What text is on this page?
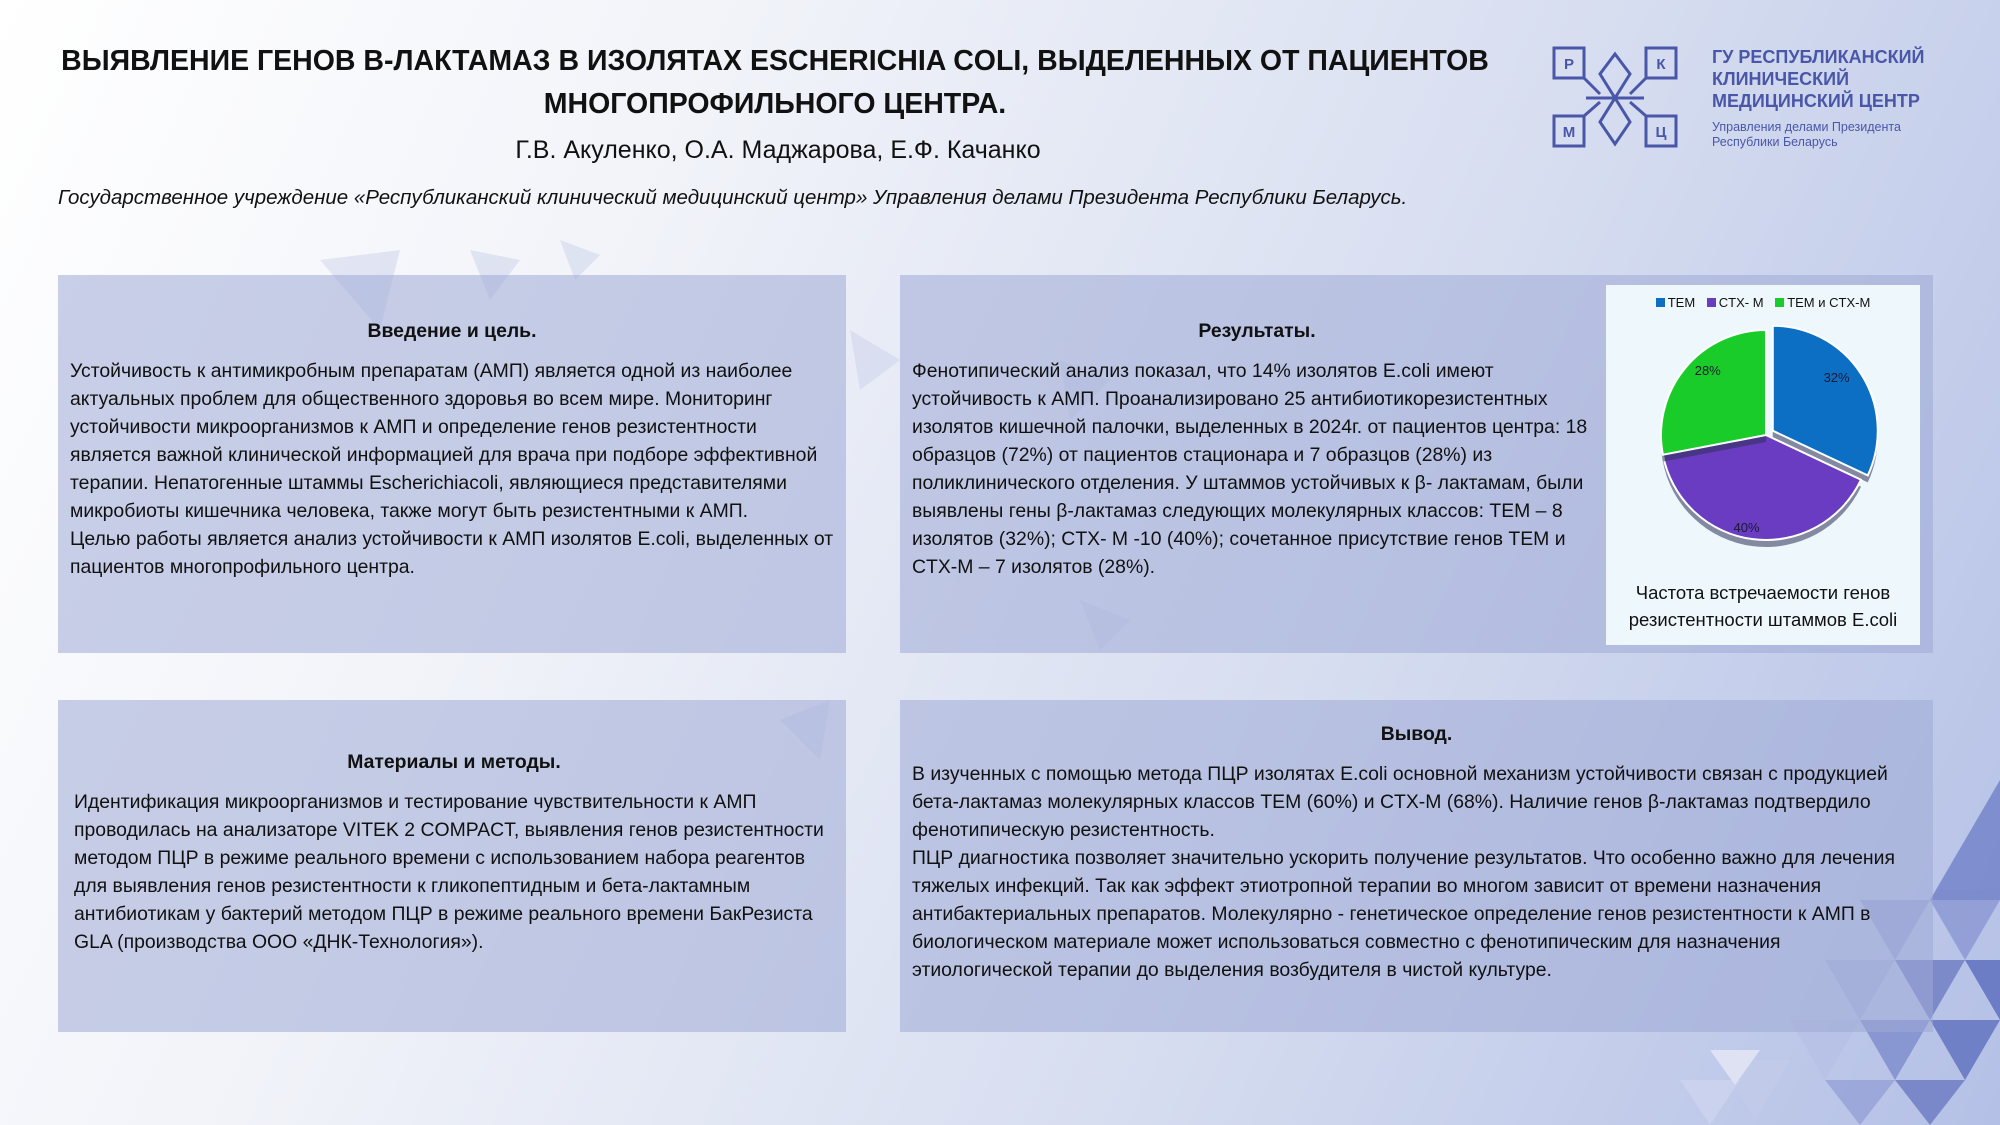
ВЫЯВЛЕНИЕ ГЕНОВ Β-ЛАКТАМАЗ В ИЗОЛЯТАХ ESCHERICHIA COLI, ВЫДЕЛЕННЫХ ОТ ПАЦИЕНТОВ МНОГОПРОФИЛЬНОГО ЦЕНТРА.
Г.В. Акуленко, О.А. Маджарова, Е.Ф. Качанко
Государственное учреждение «Республиканский клинический медицинский центр» Управления делами Президента Республики Беларусь.
Р	К
М	Ц
ГУ РЕСПУБЛИКАНСКИЙ КЛИНИЧЕСКИЙ МЕДИЦИНСКИЙ ЦЕНТР
Управления делами Президента Республики Беларусь
Введение и цель.

Устойчивость к антимикробным препаратам (АМП) является одной из наиболее актуальных проблем для общественного здоровья во всем мире. Мониторинг устойчивости микроорганизмов к АМП и определение генов резистентности является важной клинической информацией для врача при подборе эффективной терапии. Непатогенные штаммы Escherichiacoli, являющиеся представителями микробиоты кишечника человека, также могут быть резистентными к АМП.

Целью работы является анализ устойчивости к АМП изолятов E.coli, выделенных от пациентов многопрофильного центра.

Результаты.

Фенотипический анализ показал, что 14% изолятов E.coli имеют устойчивость к АМП. Проанализировано 25 антибиотикорезистентных изолятов кишечной палочки, выделенных в 2024г. от пациентов центра: 18 образцов (72%) от пациентов стационара и 7 образцов (28%) из поликлинического отделения. У штаммов устойчивых к β- лактамам, были выявлены гены β-лактамаз следующих молекулярных классов: TEM – 8 изолятов (32%); CTX- M -10 (40%); сочетанное присутствие генов TEM и CTX-M – 7 изолятов (28%).

TEM CTX- M TEM и CTX-M
32%
40%
28%
Частота встречаемости генов резистентности штаммов E.coli
Материалы и методы.

Идентификация микроорганизмов и тестирование чувствительности к АМП проводилась на анализаторе VITEK 2 COMPACT, выявления генов резистентности методом ПЦР в режиме реального времени с использованием набора реагентов для выявления генов резистентности к гликопептидным и бета-лактамным антибиотикам у бактерий методом ПЦР в режиме реального времени БакРезиста GLA (производства ООО «ДНК-Технология»).

Вывод.

В изученных с помощью метода ПЦР изолятах E.coli основной механизм устойчивости связан с продукцией бета-лактамаз молекулярных классов TEM (60%) и CTX-M (68%). Наличие генов β-лактамаз подтвердило фенотипическую резистентность.

ПЦР диагностика позволяет значительно ускорить получение результатов. Что особенно важно для лечения тяжелых инфекций. Так как эффект этиотропной терапии во многом зависит от времени назначения антибактериальных препаратов. Молекулярно - генетическое определение генов резистентности к АМП в биологическом материале может использоваться совместно с фенотипическим для назначения этиологической терапии до выделения возбудителя в чистой культуре.
